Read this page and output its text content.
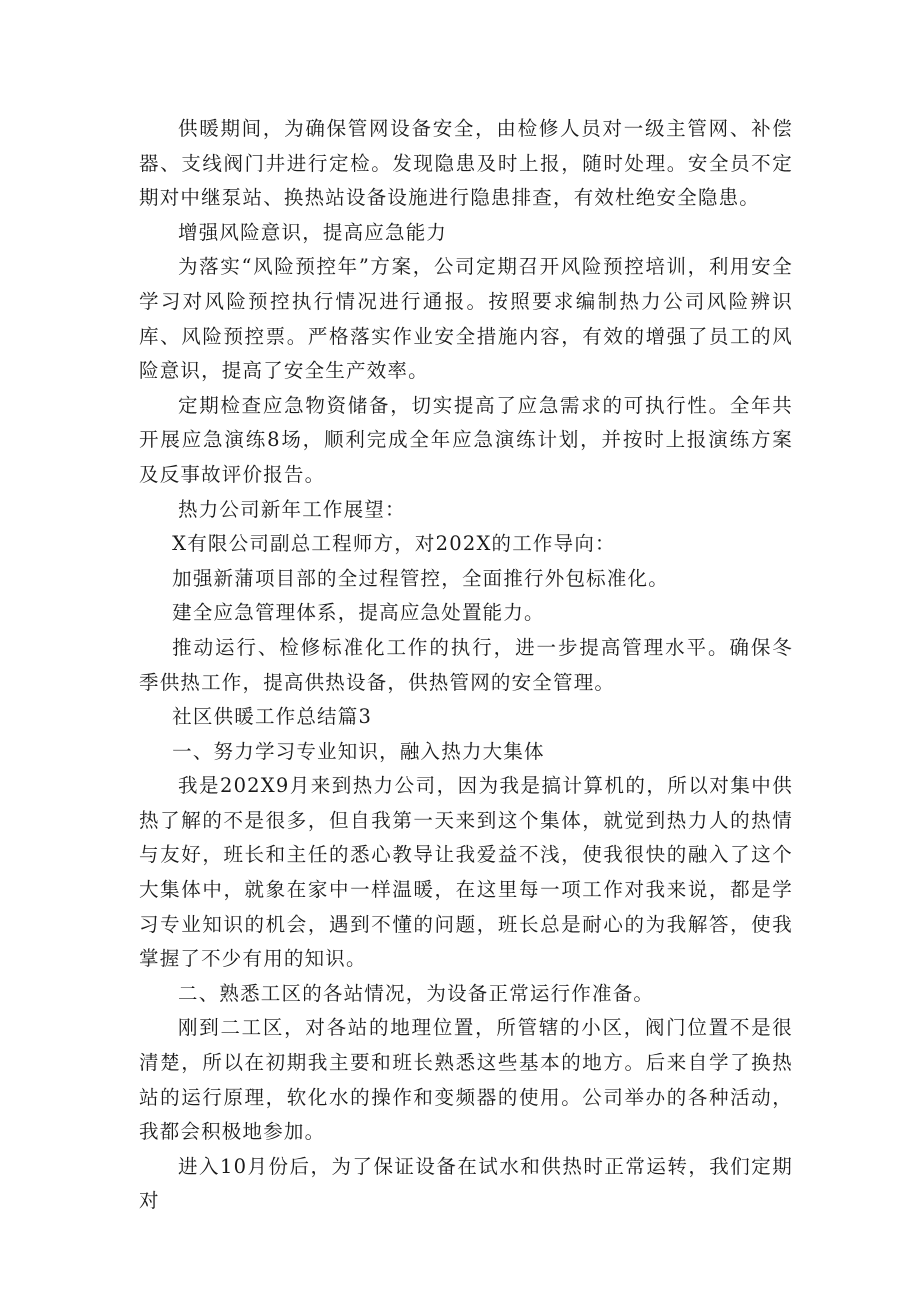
供暖期间，为确保管网设备安全，由检修人员对一级主管网、补偿器、支线阀门井进行定检。发现隐患及时上报，随时处理。安全员不定期对中继泵站、换热站设备设施进行隐患排查，有效杜绝安全隐患。

增强风险意识，提高应急能力

为落实“风险预控年”方案，公司定期召开风险预控培训，利用安全学习对风险预控执行情况进行通报。按照要求编制热力公司风险辨识库、风险预控票。严格落实作业安全措施内容，有效的增强了员工的风险意识，提高了安全生产效率。

定期检查应急物资储备，切实提高了应急需求的可执行性。全年共开展应急演练8场，顺利完成全年应急演练计划，并按时上报演练方案及反事故评价报告。

热力公司新年工作展望：

X有限公司副总工程师方，对202X的工作导向：

加强新蒲项目部的全过程管控，全面推行外包标准化。

建全应急管理体系，提高应急处置能力。

推动运行、检修标准化工作的执行，进一步提高管理水平。确保冬季供热工作，提高供热设备，供热管网的安全管理。

社区供暖工作总结篇3

一、努力学习专业知识，融入热力大集体

我是202X9月来到热力公司，因为我是搞计算机的，所以对集中供热了解的不是很多，但自我第一天来到这个集体，就觉到热力人的热情与友好，班长和主任的悉心教导让我爱益不浅，使我很快的融入了这个大集体中，就象在家中一样温暖，在这里每一项工作对我来说，都是学习专业知识的机会，遇到不懂的问题，班长总是耐心的为我解答，使我掌握了不少有用的知识。

二、熟悉工区的各站情况，为设备正常运行作准备。

刚到二工区，对各站的地理位置，所管辖的小区，阀门位置不是很清楚，所以在初期我主要和班长熟悉这些基本的地方。后来自学了换热站的运行原理，软化水的操作和变频器的使用。公司举办的各种活动，我都会积极地参加。

进入10月份后，为了保证设备在试水和供热时正常运转，我们定期对
